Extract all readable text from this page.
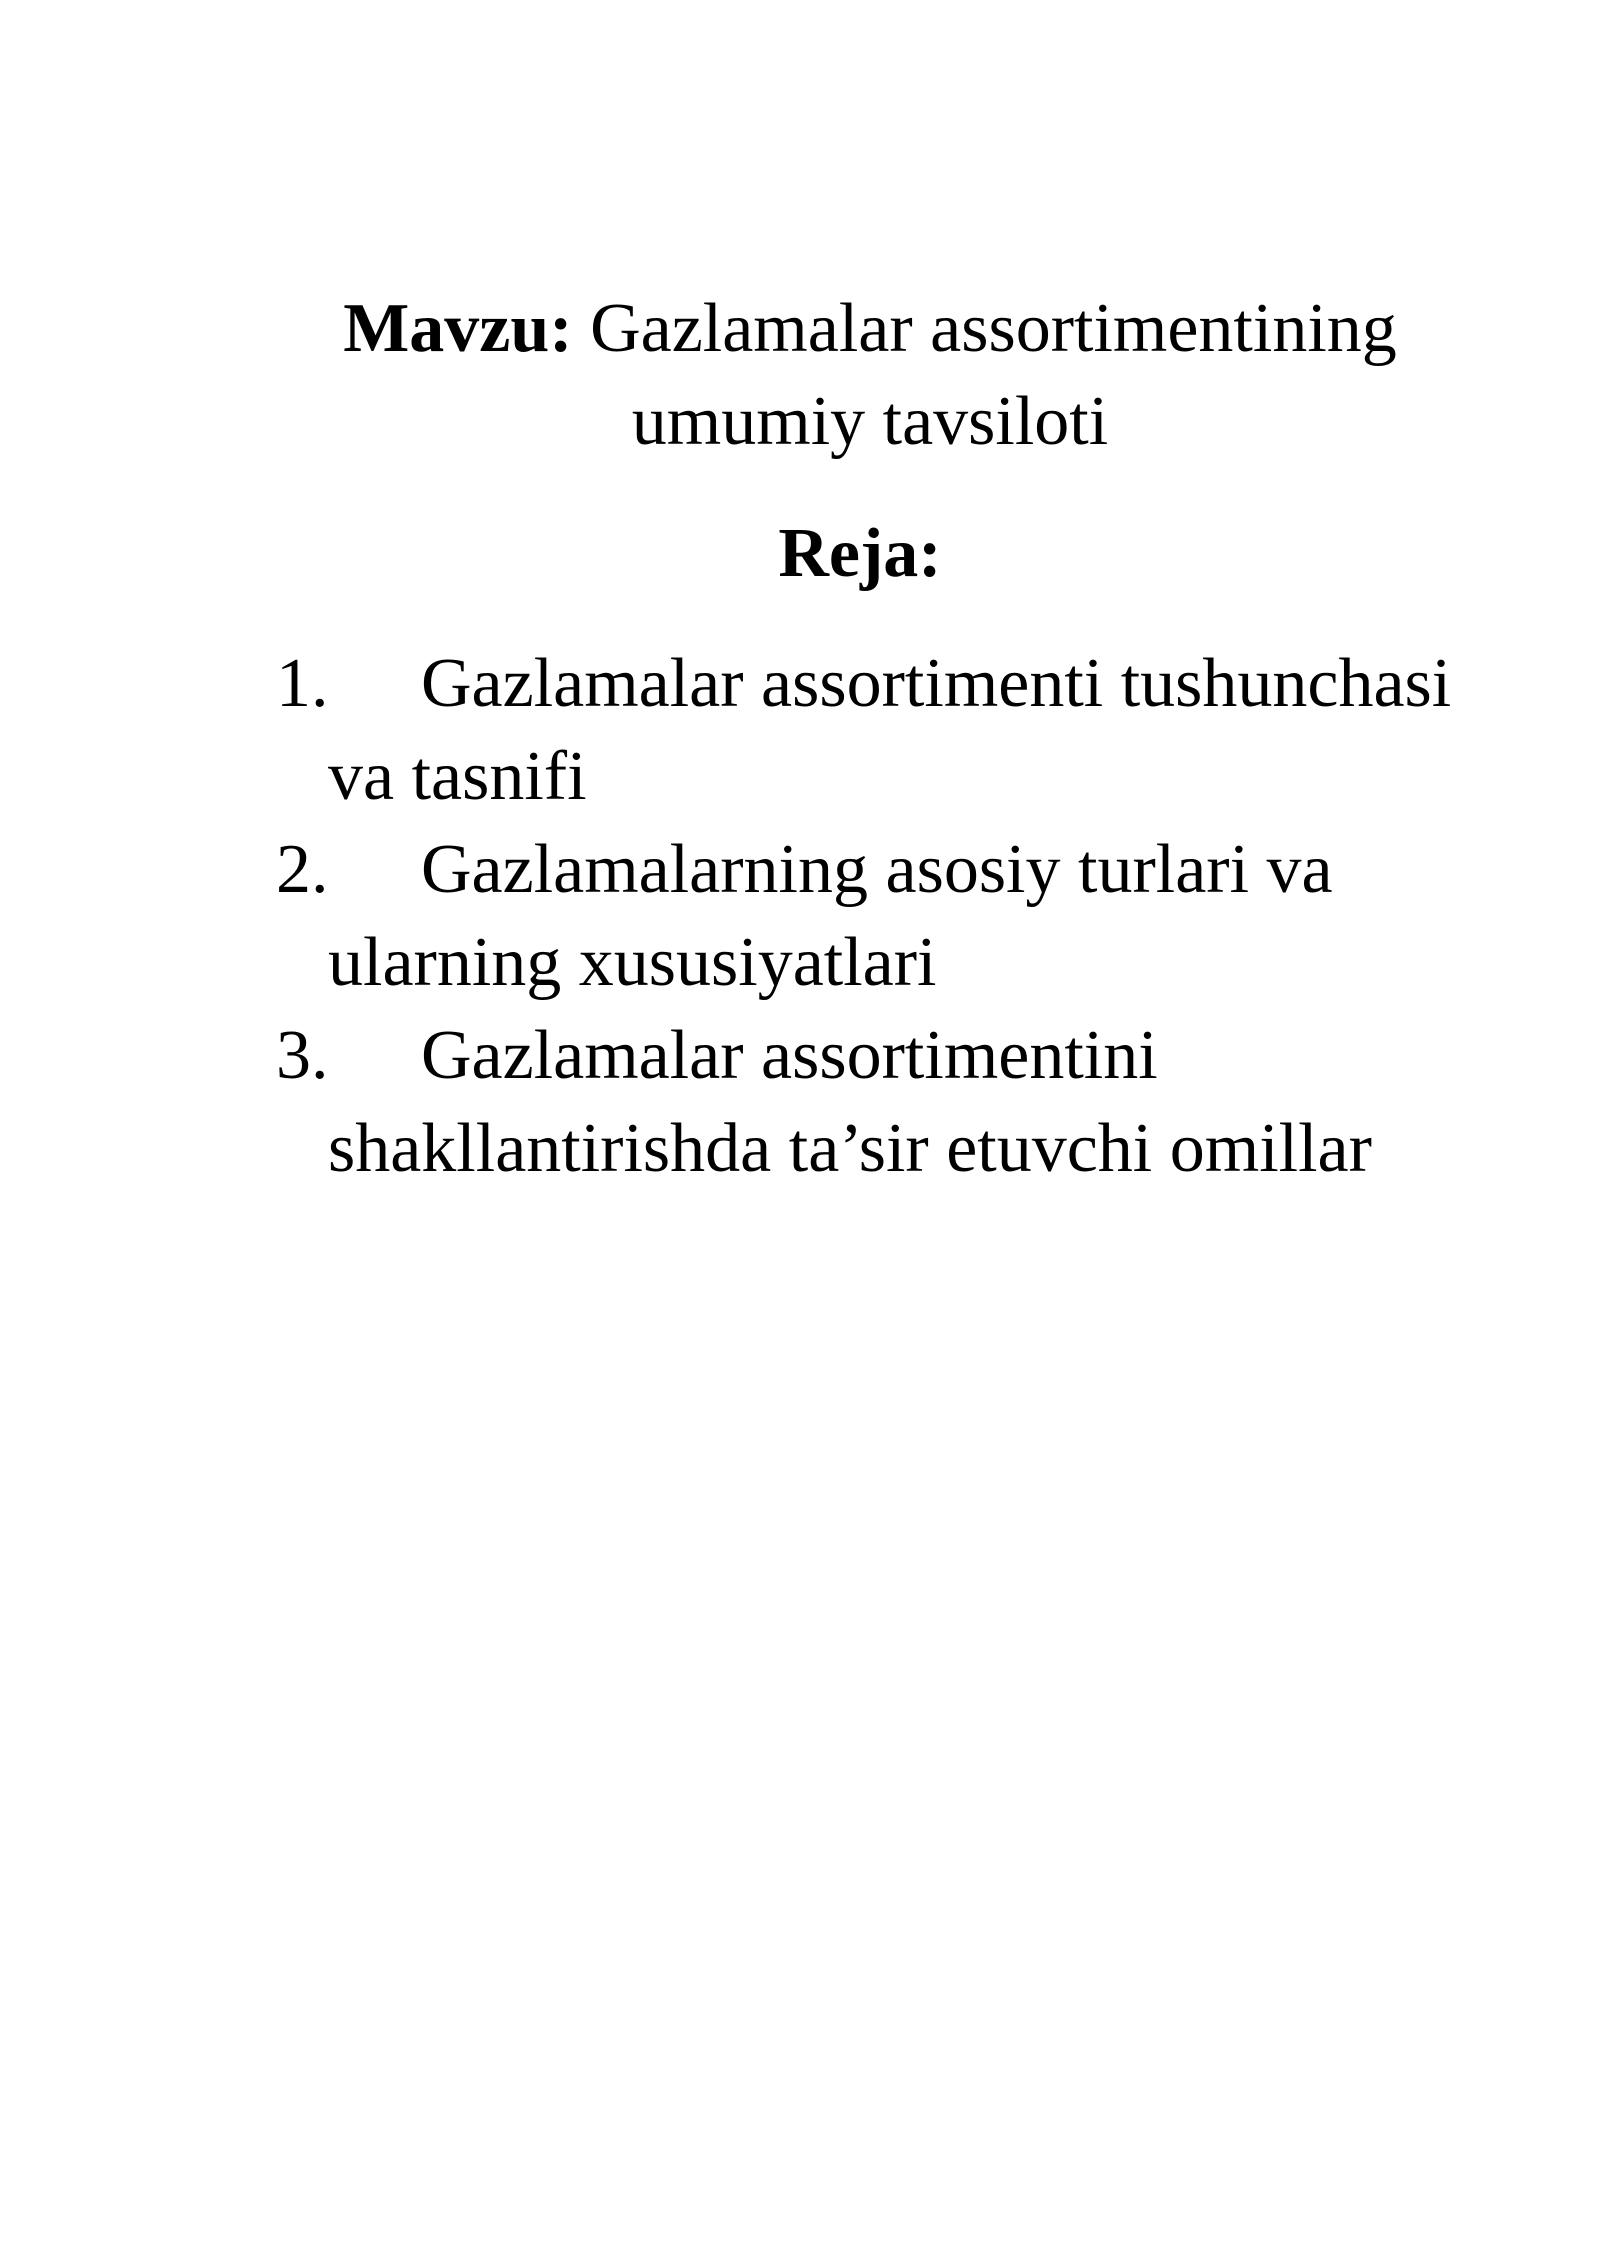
Mavzu: Gazlamalar assortimentining umumiy tavsiloti
Reja:
1. Gazlamalar assortimenti tushunchasi
va tasnifi
2. Gazlamalarning asosiy turlari va
ularning xususiyatlari
3. Gazlamalar assortimentini
shakllantirishda ta’sir etuvchi omillar
